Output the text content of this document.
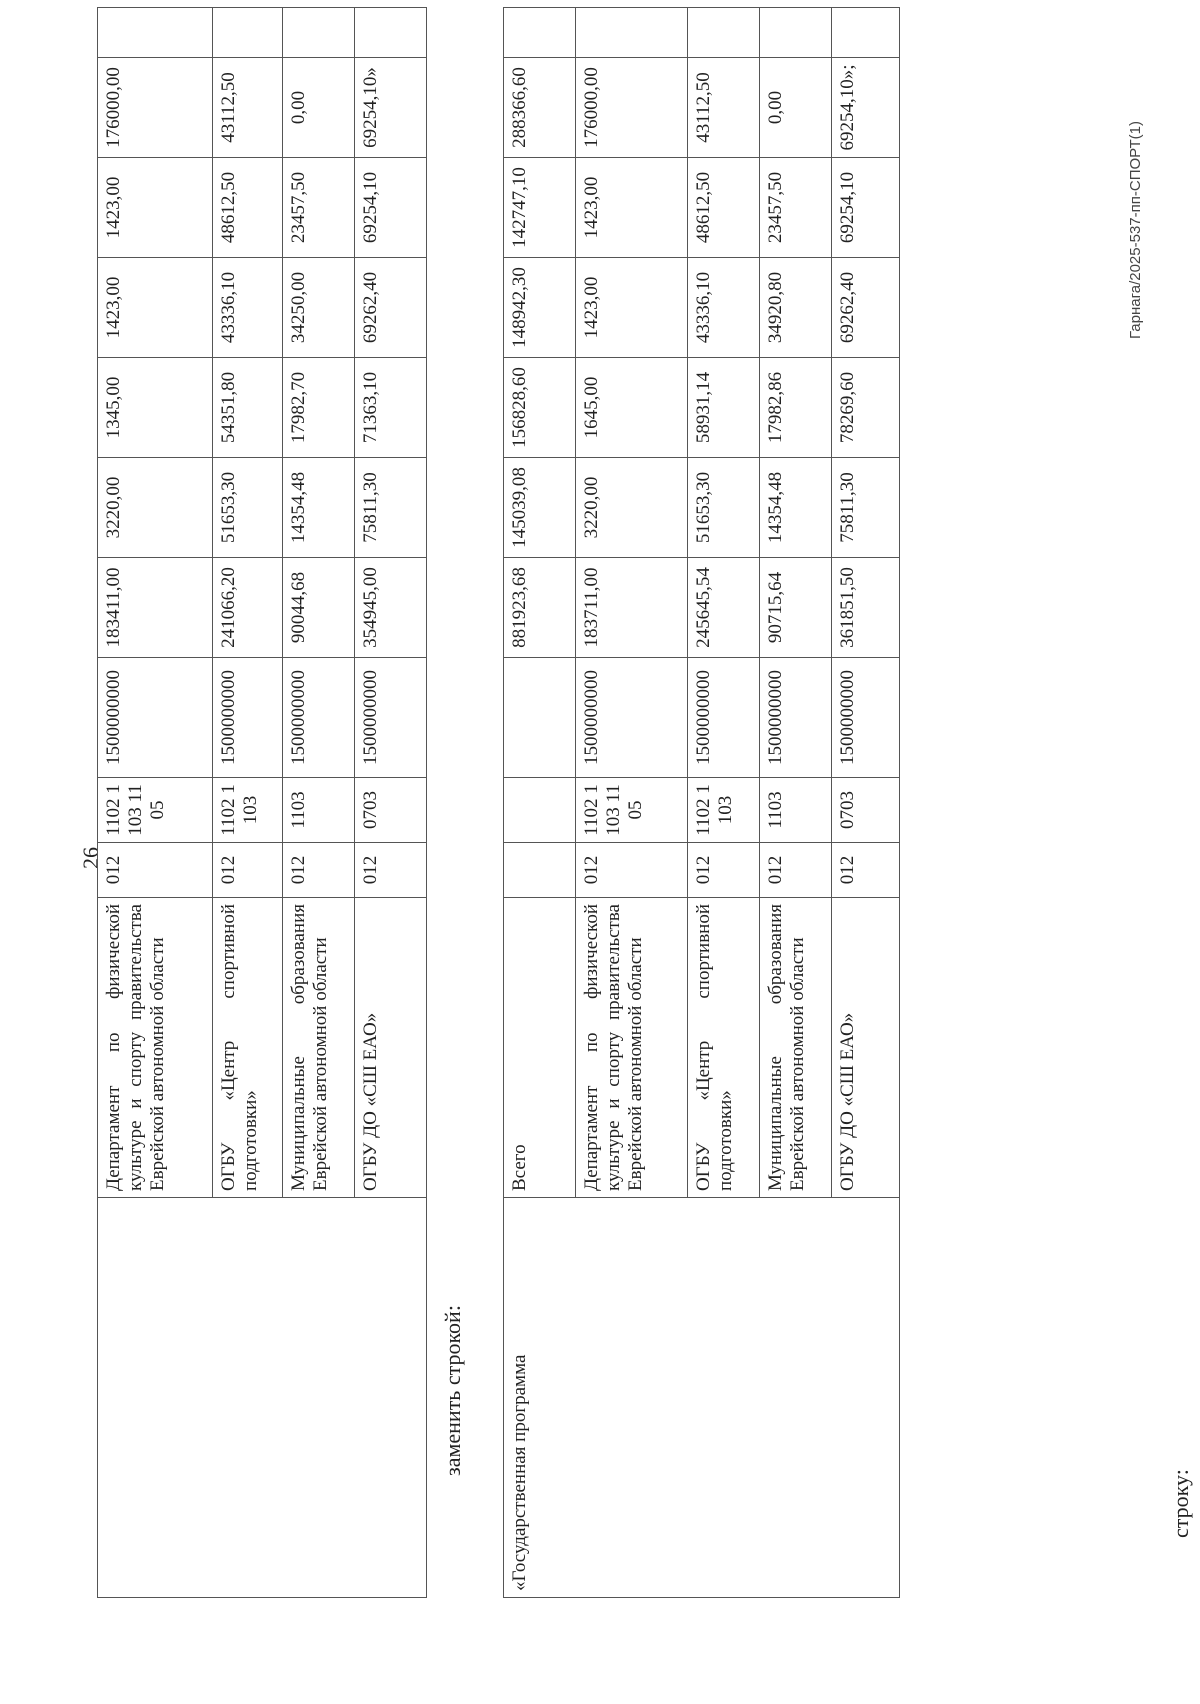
26
	Департамент по физической культуре и спорту правительства Еврейской автономной области	012	1102 1103 1105	1500000000	183411,00	3220,00	1345,00	1423,00	1423,00	176000,00	
	ОГБУ «Центр спортивной подготовки»	012	1102 1103	1500000000	241066,20	51653,30	54351,80	43336,10	48612,50	43112,50	
	Муниципальные образования Еврейской автономной области	012	1103	1500000000	90044,68	14354,48	17982,70	34250,00	23457,50	0,00	
	ОГБУ ДО «СШ ЕАО»	012	0703	1500000000	354945,00	75811,30	71363,10	69262,40	69254,10	69254,10»	
заменить строкой: «Государственная программа	Всего				881923,68	145039,08	156828,60	148942,30	142747,10	288366,60	
	Департамент по физической культуре и спорту правительства Еврейской автономной области	012	1102 1103 1105	1500000000	183711,00	3220,00	1645,00	1423,00	1423,00	176000,00	
	ОГБУ «Центр спортивной подготовки»	012	1102 1103	1500000000	245645,54	51653,30	58931,14	43336,10	48612,50	43112,50	
	Муниципальные образования Еврейской автономной области	012	1103	1500000000	90715,64	14354,48	17982,86	34920,80	23457,50	0,00	
	ОГБУ ДО «СШ ЕАО»	012	0703	1500000000	361851,50	75811,30	78269,60	69262,40	69254,10	69254,10»;	
строку:
Гарнага/2025-537-пп-СПОРТ(1)
